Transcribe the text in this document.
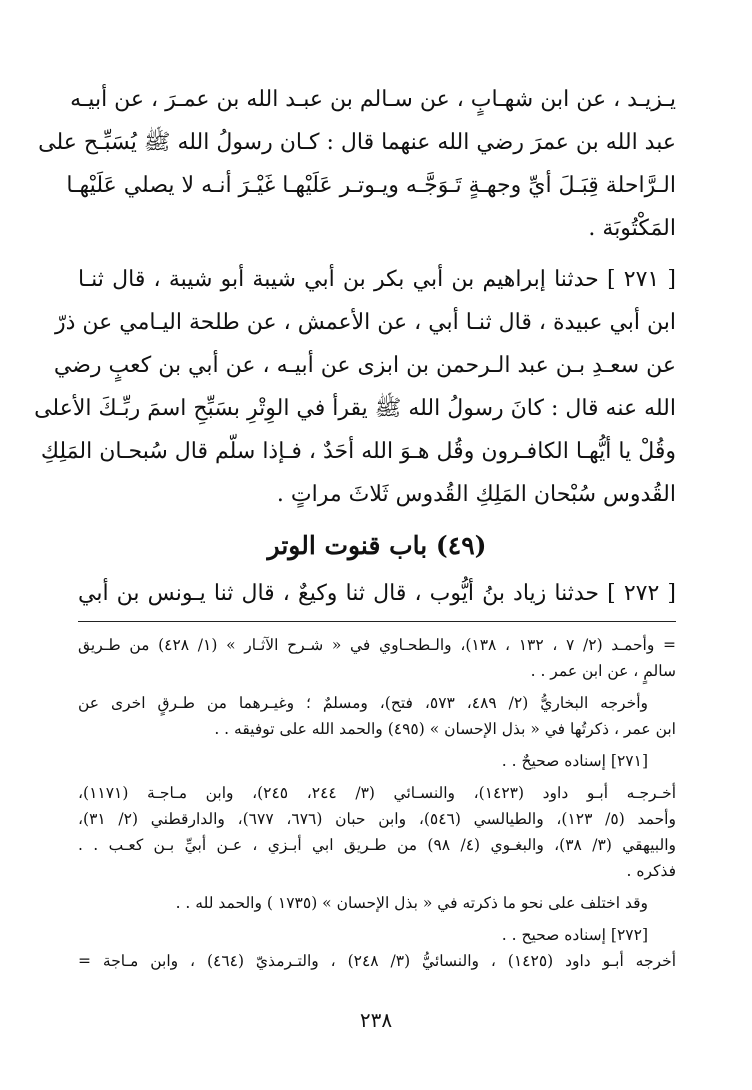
يـزيـد ، عن ابن شهـابٍ ، عن سـالم بن عبـد الله بن عمـرَ ، عن أبيـه
عبد الله بن عمرَ رضي الله عنهما قال : كـان رسولُ الله ﷺ يُسَبِّـح على
الـرَّاحلة قِبَـلَ أيِّ وجهـةٍ تَـوَجَّـه ويـوتـر عَلَيْهـا غَيْـرَ أنـه لا يصلي عَلَيْهـا
المَكْتُوبَة .
[ ٢٧١ ] حدثنا إبراهيم بن أبي بكر بن أبي شيبة أبو شيبة ، قال ثنـا
ابن أبي عبيدة ، قال ثنـا أبي ، عن الأعمش ، عن طلحة اليـامي عن ذرّ
عن سعـدِ بـن عبد الـرحمن بن ابزى عن أبيـه ، عن أبي بن كعبٍ رضي
الله عنه قال : كانَ رسولُ الله ﷺ يقرأ في الوِتْرِ بسَبِّحِ اسمَ ربِّـكَ الأعلى
وقُلْ يا أيُّهـا الكافـرون وقُل هـوَ الله أحَدٌ ، فـإذا سلّم قال سُبحـان المَلِكِ
القُدوس سُبْحان المَلِكِ القُدوس ثَلاثَ مراتٍ .
(٤٩) باب قنوت الوتر
[ ٢٧٢ ] حدثنا زياد بنُ أيُّوب ، قال ثنا وكيعٌ ، قال ثنا يـونس بن أبي
= وأحمـد (٢/ ٧ ، ١٣٢ ، ١٣٨)، والـطحـاوي في « شـرح الآثـار » (١/ ٤٢٨) من طـريق
سالمٍ ، عن ابن عمر . .
وأخرجه البخاريُّ (٢/ ٤٨٩، ٥٧٣، فتح)، ومسلمٌ ؛ وغيـرهما من طـرقٍ اخرى عن
ابن عمر ، ذكرتُها في « بذل الإحسان » (٤٩٥) والحمد الله على توفيقه . .
[٢٧١] إسناده صحيحٌ . .
أخـرجـه أبـو داود (١٤٢٣)، والنسـائي (٣/ ٢٤٤، ٢٤٥)، وابن مـاجـة (١١٧١)،
وأحمد (٥/ ١٢٣)، والطيالسي (٥٤٦)، وابن حبان (٦٧٦، ٦٧٧)، والدارقطني (٢/ ٣١)،
والبيهقي (٣/ ٣٨)، والبغـوي (٤/ ٩٨) من طـريق ابي أبـزي ، عـن أبيِّ بـن كعـب . .
فذكره .
وقد اختلف على نحو ما ذكرته في « بذل الإحسان » (١٧٣٥ ) والحمد لله . .
[٢٧٢] إسناده صحيح . .
أخرجه أبـو داود (١٤٢٥) ، والنسائيُّ (٣/ ٢٤٨) ، والتـرمذيّ (٤٦٤) ، وابن مـاجة =
٢٣٨
